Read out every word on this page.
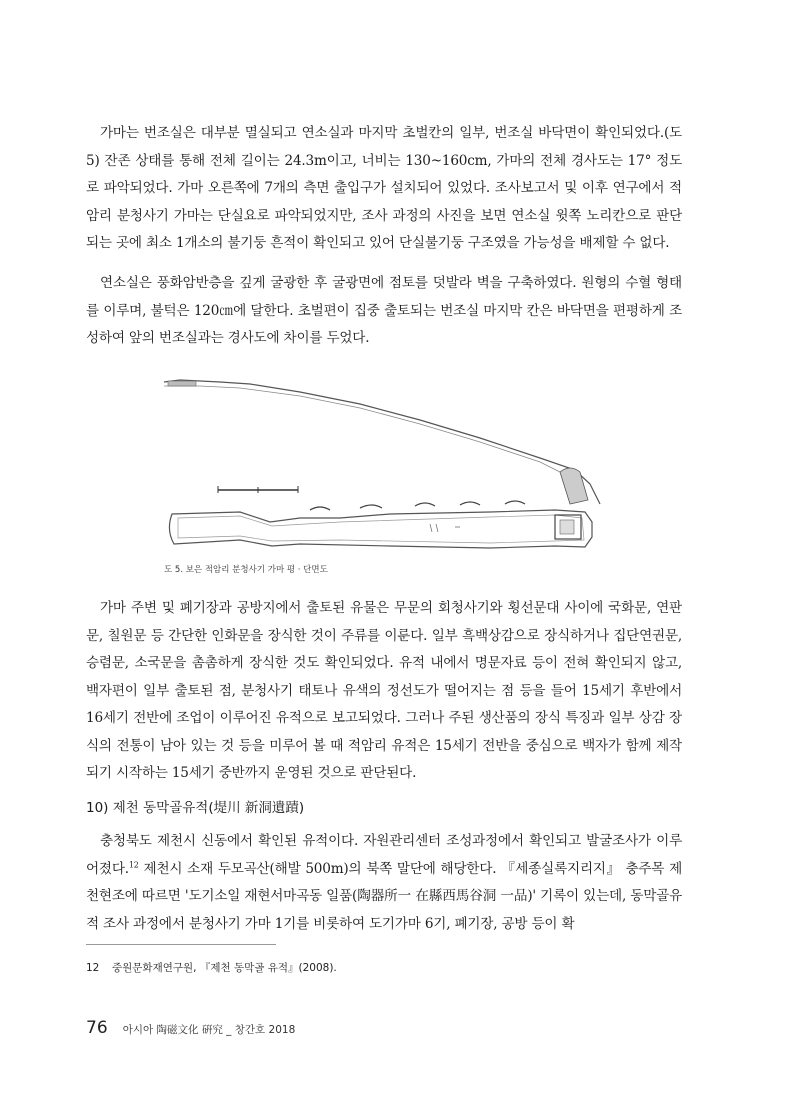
가마는 번조실은 대부분 멸실되고 연소실과 마지막 초벌칸의 일부, 번조실 바닥면이 확인되었다.(도5) 잔존 상태를 통해 전체 길이는 24.3m이고, 너비는 130~160cm, 가마의 전체 경사도는 17° 정도로 파악되었다. 가마 오른쪽에 7개의 측면 출입구가 설치되어 있었다. 조사보고서 및 이후 연구에서 적암리 분청사기 가마는 단실요로 파악되었지만, 조사 과정의 사진을 보면 연소실 윗쪽 노리칸으로 판단되는 곳에 최소 1개소의 불기둥 흔적이 확인되고 있어 단실불기둥 구조였을 가능성을 배제할 수 없다.

연소실은 풍화암반층을 깊게 굴광한 후 굴광면에 점토를 덧발라 벽을 구축하였다. 원형의 수혈 형태를 이루며, 불턱은 120㎝에 달한다. 초벌편이 집중 출토되는 번조실 마지막 칸은 바닥면을 편평하게 조성하여 앞의 번조실과는 경사도에 차이를 두었다.

도 5. 보은 적암리 분청사기 가마 평 · 단면도

가마 주변 및 폐기장과 공방지에서 출토된 유물은 무문의 회청사기와 횡선문대 사이에 국화문, 연판문, 칠원문 등 간단한 인화문을 장식한 것이 주류를 이룬다. 일부 흑백상감으로 장식하거나 집단연권문, 승렴문, 소국문을 촘촘하게 장식한 것도 확인되었다. 유적 내에서 명문자료 등이 전혀 확인되지 않고, 백자편이 일부 출토된 점, 분청사기 태토나 유색의 정선도가 떨어지는 점 등을 들어 15세기 후반에서 16세기 전반에 조업이 이루어진 유적으로 보고되었다. 그러나 주된 생산품의 장식 특징과 일부 상감 장식의 전통이 남아 있는 것 등을 미루어 볼 때 적암리 유적은 15세기 전반을 중심으로 백자가 함께 제작되기 시작하는 15세기 중반까지 운영된 것으로 판단된다.

10) 제천 동막골유적(堤川 新洞遺蹟)

충청북도 제천시 신동에서 확인된 유적이다. 자원관리센터 조성과정에서 확인되고 발굴조사가 이루어졌다.$^{12}$ 제천시 소재 두모곡산(해발 500m)의 북쪽 말단에 해당한다. 『세종실록지리지』 충주목 제천현조에 따르면 '도기소일 재현서마곡동 일품(陶器所一 在縣西馬谷洞 一品)' 기록이 있는데, 동막골유적 조사 과정에서 분청사기 가마 1기를 비롯하여 도기가마 6기, 폐기장, 공방 등이 확

12 중원문화재연구원, 『제천 동막골 유적』(2008).

76 아시아 陶磁文化 硏究 _ 창간호 2018
